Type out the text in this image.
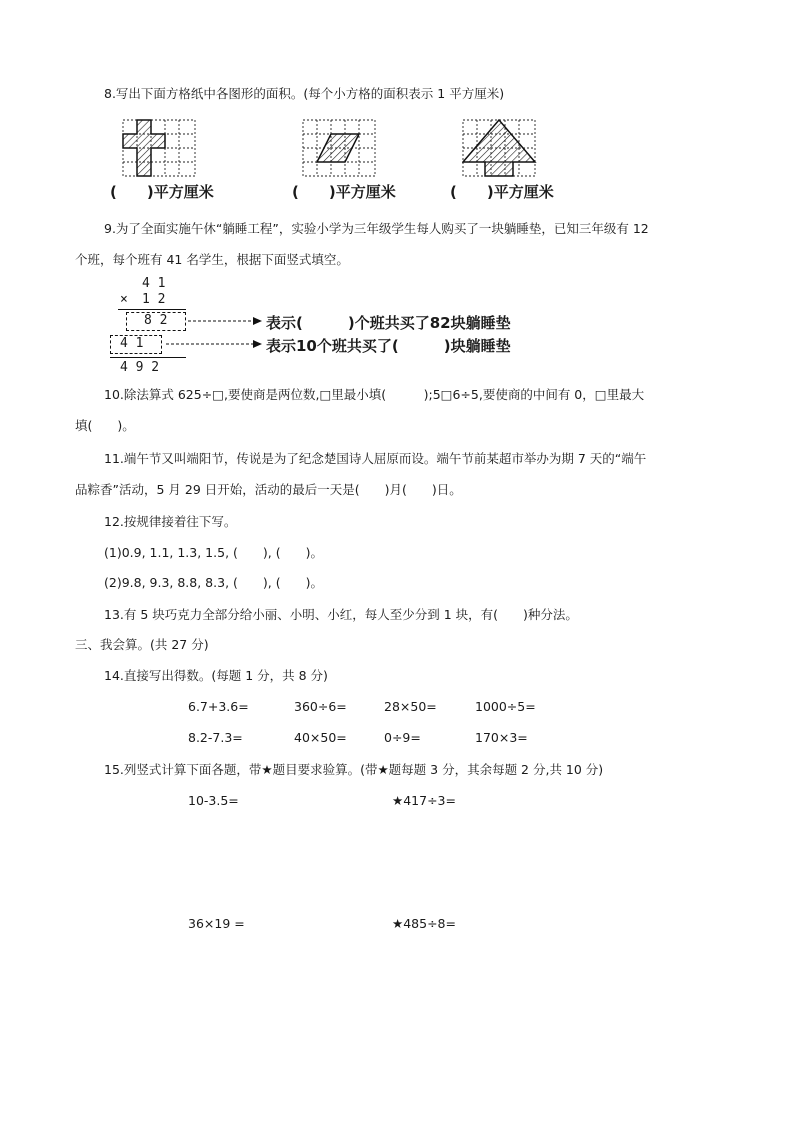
8.写出下面方格纸中各图形的面积。(每个小方格的面积表示 1 平方厘米)
(　　)平方厘米	(　　)平方厘米	(　　)平方厘米
9.为了全面实施午休“躺睡工程”，实验小学为三年级学生每人购买了一块躺睡垫，已知三年级有 12
个班，每个班有 41 名学生，根据下面竖式填空。
4 1
× 1 2
8 2
4 1
4 9 2
表示(　　　)个班共买了82块躺睡垫
表示10个班共买了(　　　)块躺睡垫
10.除法算式 625÷□,要使商是两位数,□里最小填(　　　);5□6÷5,要使商的中间有 0，□里最大
填(　　)。
11.端午节又叫端阳节，传说是为了纪念楚国诗人屈原而设。端午节前某超市举办为期 7 天的“端午
品粽香”活动，5 月 29 日开始，活动的最后一天是(　　)月(　　)日。
12.按规律接着往下写。
(1)0.9, 1.1, 1.3, 1.5, (　　), (　　)。
(2)9.8, 9.3, 8.8, 8.3, (　　), (　　)。
13.有 5 块巧克力全部分给小丽、小明、小红，每人至少分到 1 块，有(　　)种分法。
三、我会算。(共 27 分)
14.直接写出得数。(每题 1 分，共 8 分)
6.7+3.6=	360÷6=	28×50=	1000÷5=
8.2-7.3=	40×50=	0÷9=	170×3=
15.列竖式计算下面各题，带★题目要求验算。(带★题每题 3 分，其余每题 2 分,共 10 分)
10-3.5=	★417÷3=
36×19 =	★485÷8=
